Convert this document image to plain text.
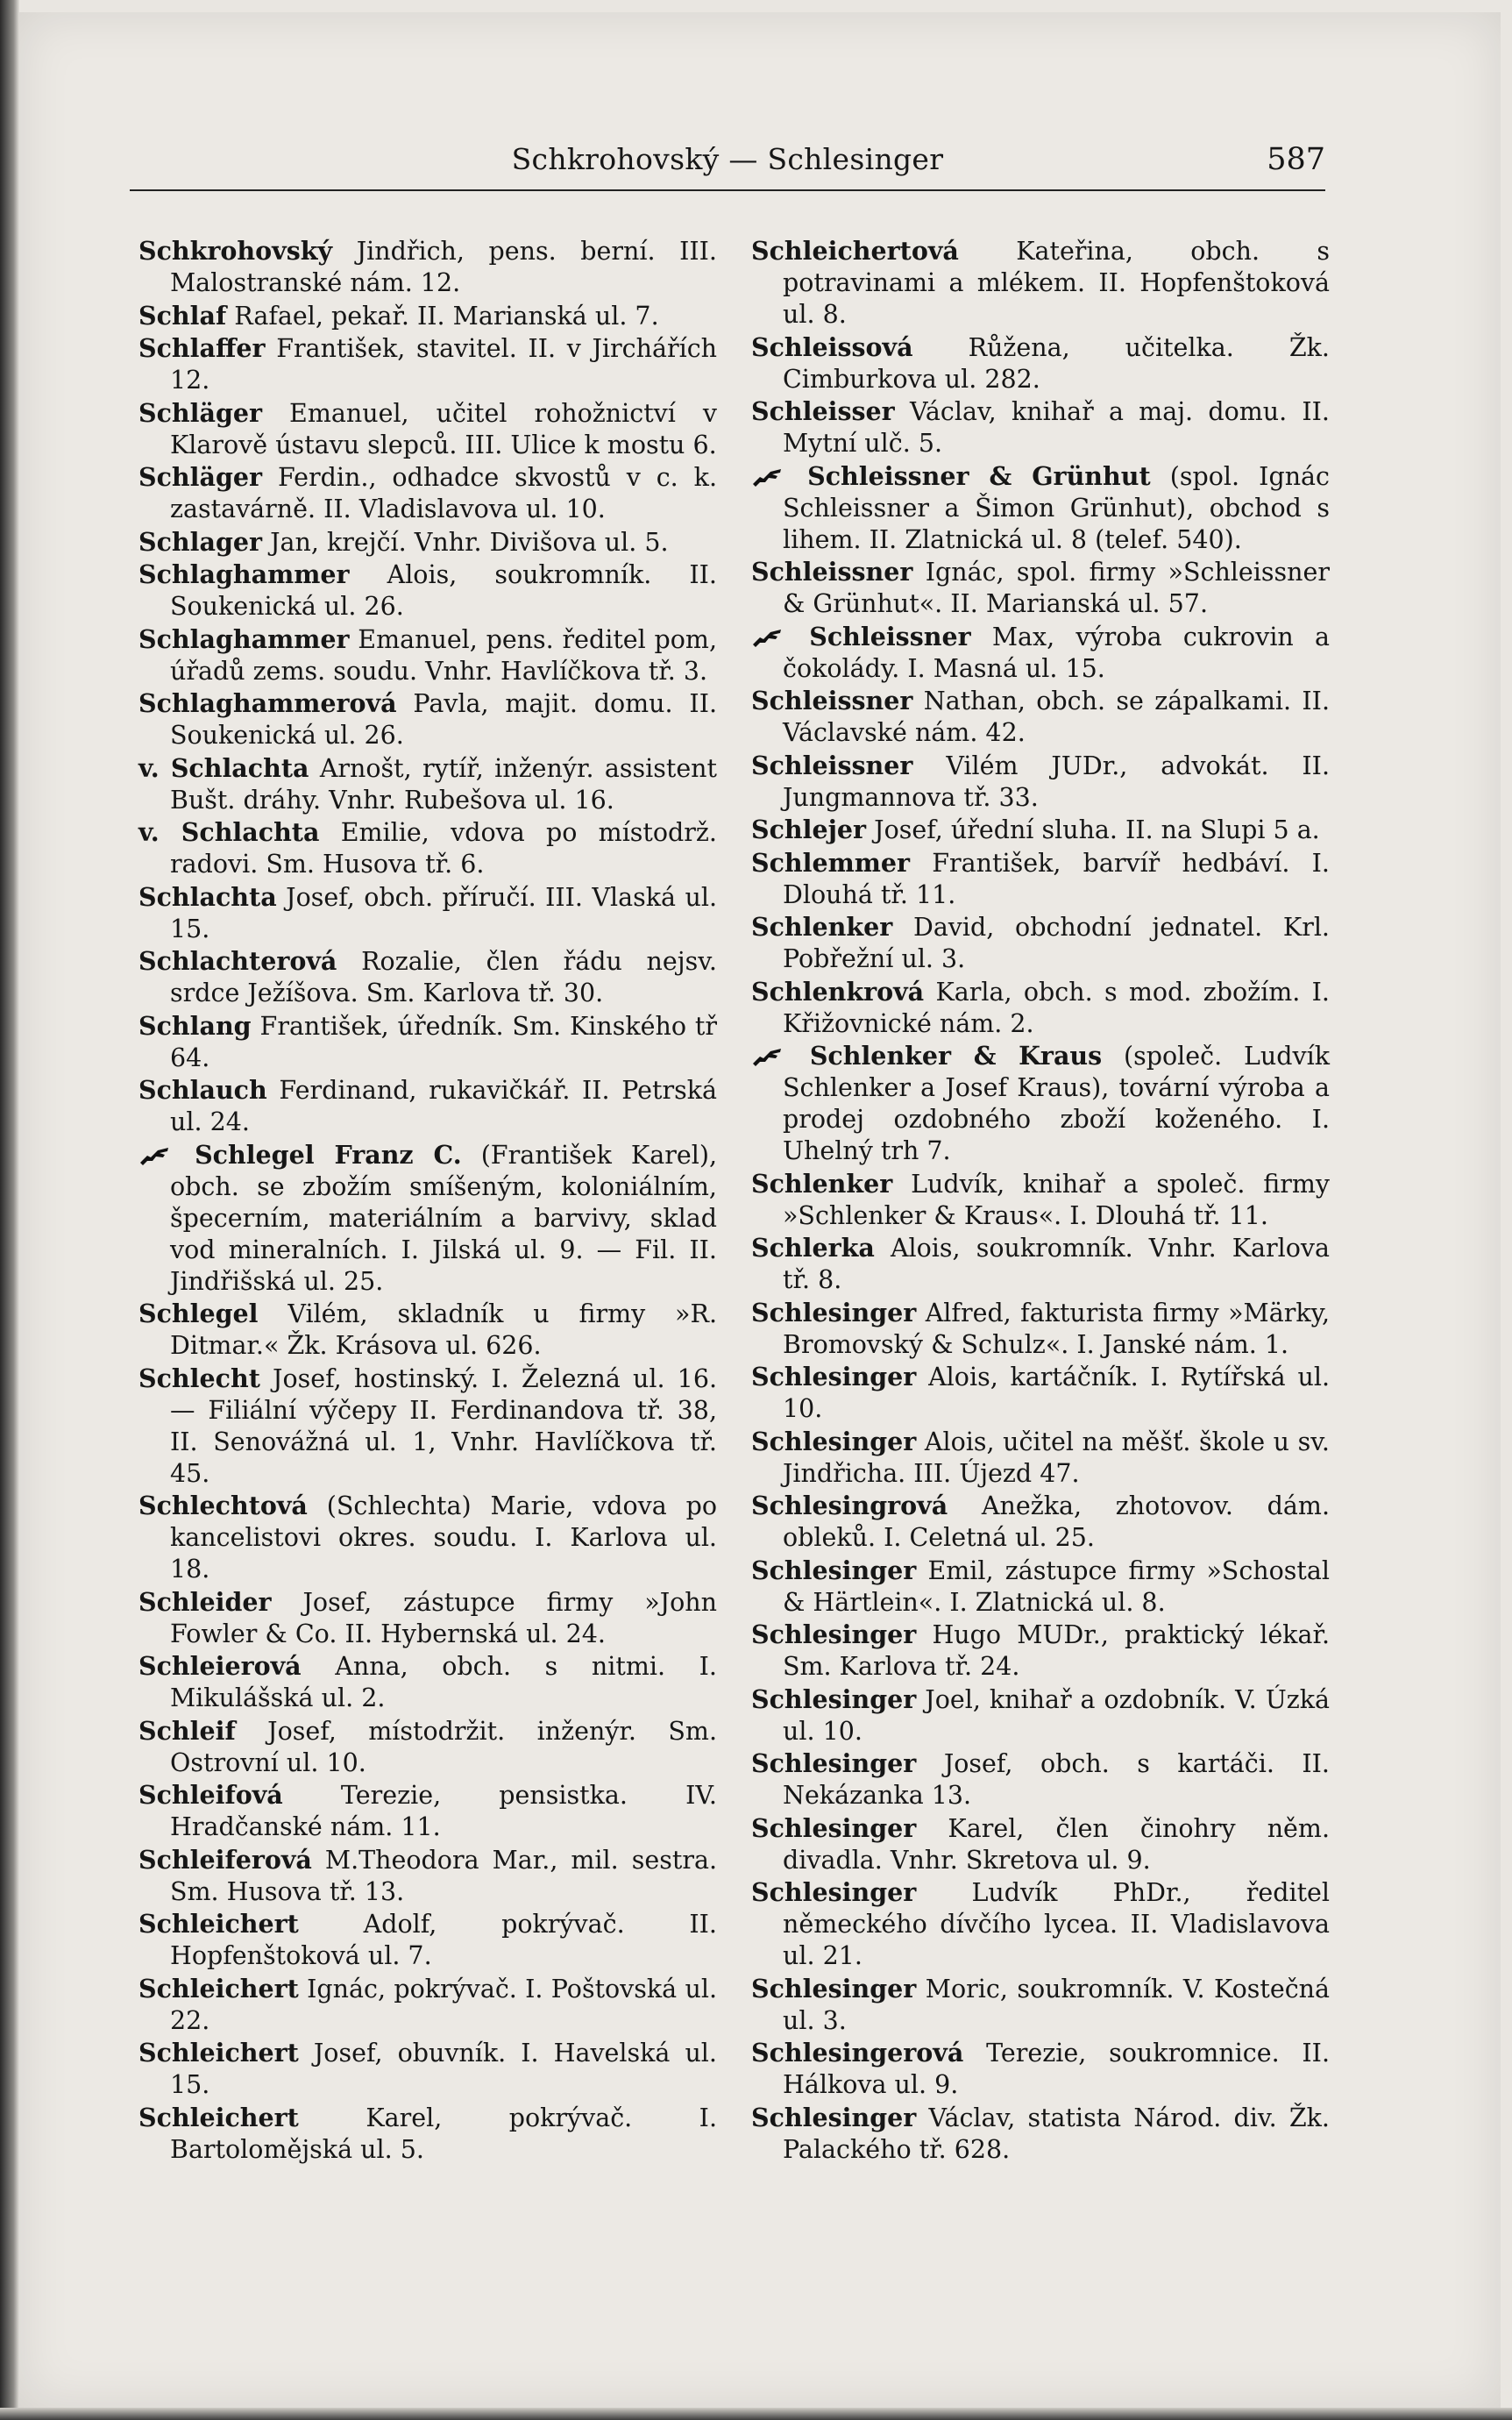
Schkrohovský — Schlesinger	587
Schkrohovský Jindřich, pens. berní. III. Malostranské nám. 12.
Schlaf Rafael, pekař. II. Marianská ul. 7.
Schlaffer František, stavitel. II. v Jirchářích 12.
Schläger Emanuel, učitel rohožnictví v Klarově ústavu slepců. III. Ulice k mostu 6.
Schläger Ferdin., odhadce skvostů v c. k. zastavárně. II. Vladislavova ul. 10.
Schlager Jan, krejčí. Vnhr. Divišova ul. 5.
Schlaghammer Alois, soukromník. II. Soukenická ul. 26.
Schlaghammer Emanuel, pens. ředitel pom, úřadů zems. soudu. Vnhr. Havlíčkova tř. 3.
Schlaghammerová Pavla, majit. domu. II. Soukenická ul. 26.
v. Schlachta Arnošt, rytíř, inženýr. assistent Bušt. dráhy. Vnhr. Rubešova ul. 16.
v. Schlachta Emilie, vdova po místodrž. radovi. Sm. Husova tř. 6.
Schlachta Josef, obch. příručí. III. Vlaská ul. 15.
Schlachterová Rozalie, člen řádu nejsv. srdce Ježíšova. Sm. Karlova tř. 30.
Schlang František, úředník. Sm. Kinského tř 64.
Schlauch Ferdinand, rukavičkář. II. Petrská ul. 24.
Schlegel Franz C. (František Karel), obch. se zbožím smíšeným, koloniálním, špecerním, materiálním a barvivy, sklad vod mineralních. I. Jilská ul. 9. — Fil. II. Jindřišská ul. 25.
Schlegel Vilém, skladník u firmy »R. Ditmar.« Žk. Krásova ul. 626.
Schlecht Josef, hostinský. I. Železná ul. 16. — Filiální výčepy II. Ferdinandova tř. 38, II. Senovážná ul. 1, Vnhr. Havlíčkova tř. 45.
Schlechtová (Schlechta) Marie, vdova po kancelistovi okres. soudu. I. Karlova ul. 18.
Schleider Josef, zástupce firmy »John Fowler & Co. II. Hybernská ul. 24.
Schleierová Anna, obch. s nitmi. I. Mikulášská ul. 2.
Schleif Josef, místodržit. inženýr. Sm. Ostrovní ul. 10.
Schleifová Terezie, pensistka. IV. Hradčanské nám. 11.
Schleiferová M.Theodora Mar., mil. sestra. Sm. Husova tř. 13.
Schleichert	Adolf, pokrývač. II. Hopfenštoková ul. 7.
Schleichert Ignác, pokrývač. I. Poštovská ul. 22.
Schleichert Josef, obuvník. I. Havelská ul. 15.
Schleichert	Karel, pokrývač. I. Bartolomějská ul. 5.
Schleichertová Kateřina, obch. s potravinami a mlékem. II. Hopfenštoková ul. 8.
Schleissová Růžena, učitelka. Žk. Cimburkova ul. 282.
Schleisser Václav, knihař a maj. domu. II. Mytní ulč. 5.
Schleissner & Grünhut (spol. Ignác Schleissner a Šimon Grünhut), obchod s lihem. II. Zlatnická ul. 8 (telef. 540).
Schleissner Ignác, spol. firmy »Schleissner & Grünhut«. II. Marianská ul. 57.
Schleissner Max, výroba cukrovin a čokolády. I. Masná ul. 15.
Schleissner Nathan, obch. se zápalkami. II. Václavské nám. 42.
Schleissner Vilém JUDr., advokát. II. Jungmannova tř. 33.
Schlejer Josef, úřední sluha. II. na Slupi 5 a.
Schlemmer František, barvíř hedbáví. I. Dlouhá tř. 11.
Schlenker David, obchodní jednatel. Krl. Pobřežní ul. 3.
Schlenkrová Karla, obch. s mod. zbožím. I. Křižovnické nám. 2.
Schlenker & Kraus (společ. Ludvík Schlenker a Josef Kraus), tovární výroba a prodej ozdobného zboží koženého. I. Uhelný trh 7.
Schlenker Ludvík, knihař a společ. firmy »Schlenker & Kraus«. I. Dlouhá tř. 11.
Schlerka Alois, soukromník. Vnhr. Karlova tř. 8.
Schlesinger Alfred, fakturista firmy »Märky, Bromovský & Schulz«. I. Janské nám. 1.
Schlesinger Alois, kartáčník. I. Rytířská ul. 10.
Schlesinger Alois, učitel na měšť. škole u sv. Jindřicha. III. Újezd 47.
Schlesingrová Anežka, zhotovov. dám. obleků. I. Celetná ul. 25.
Schlesinger Emil, zástupce firmy »Schostal & Härtlein«. I. Zlatnická ul. 8.
Schlesinger Hugo MUDr., praktický lékař. Sm. Karlova tř. 24.
Schlesinger Joel, knihař a ozdobník. V. Úzká ul. 10.
Schlesinger Josef, obch. s kartáči. II. Nekázanka 13.
Schlesinger Karel, člen činohry něm. divadla. Vnhr. Skretova ul. 9.
Schlesinger Ludvík PhDr., ředitel německého dívčího lycea. II. Vladislavova ul. 21.
Schlesinger Moric, soukromník. V. Kostečná ul. 3.
Schlesingerová Terezie, soukromnice. II. Hálkova ul. 9.
Schlesinger Václav, statista Národ. div. Žk. Palackého tř. 628.
